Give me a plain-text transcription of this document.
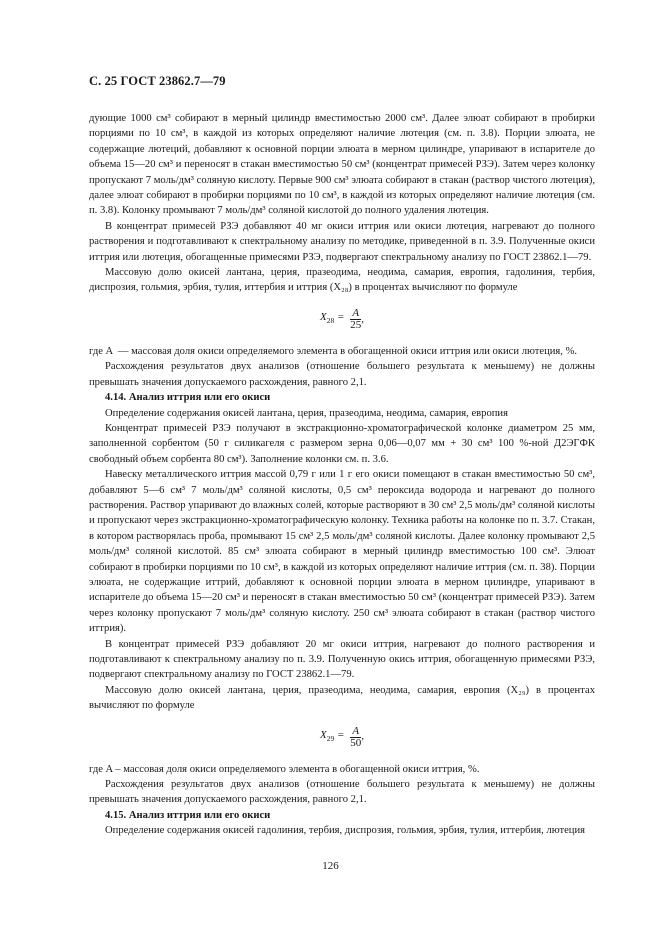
С. 25 ГОСТ 23862.7—79

дующие 1000 см³ собирают в мерный цилиндр вместимостью 2000 см³. Далее элюат собирают в пробирки порциями по 10 см³, в каждой из которых определяют наличие лютеция (см. п. 3.8). Порции элюата, не содержащие лютеций, добавляют к основной порции элюата в мерном цилиндре, упаривают в испарителе до объема 15—20 см³ и переносят в стакан вместимостью 50 см³ (концентрат примесей РЗЭ). Затем через колонку пропускают 7 моль/дм³ соляную кислоту. Первые 900 см³ элюата собирают в стакан (раствор чистого лютеция), далее элюат собирают в пробирки порциями по 10 см³, в каждой из которых определяют наличие лютеция (см. п. 3.8). Колонку промывают 7 моль/дм³ соляной кислотой до полного удаления лютеция.

В концентрат примесей РЗЭ добавляют 40 мг окиси иттрия или окиси лютеция, нагревают до полного растворения и подготавливают к спектральному анализу по методике, приведенной в п. 3.9. Полученные окиси иттрия или лютеция, обогащенные примесями РЗЭ, подвергают спектральному анализу по ГОСТ 23862.1—79.

Массовую долю окисей лантана, церия, празеодима, неодима, самария, европия, гадолиния, тербия, диспрозия, гольмия, эрбия, тулия, иттербия и иттрия (X₂₈) в процентах вычисляют по формуле

$X_{28} = \frac{A}{25}$ ,
где A  — массовая доля окиси определяемого элемента в обогащенной окиси иттрия или окиси лютеция, %.

Расхождения результатов двух анализов (отношение большего результата к меньшему) не должны превышать значения допускаемого расхождения, равного 2,1.

4.14. Анализ иттрия или его окиси

Определение содержания окисей лантана, церия, празеодима, неодима, самария, европия

Концентрат примесей РЗЭ получают в экстракционно-хроматографической колонке диаметром 25 мм, заполненной сорбентом (50 г силикагеля с размером зерна 0,06—0,07 мм + 30 см³ 100 %-ной Д2ЭГФК свободный объем сорбента 80 см³). Заполнение колонки см. п. 3.6.

Навеску металлического иттрия массой 0,79 г или 1 г его окиси помещают в стакан вместимостью 50 см³, добавляют 5—6 см³ 7 моль/дм³ соляной кислоты, 0,5 см³ пероксида водорода и нагревают до полного растворения. Раствор упаривают до влажных солей, которые растворяют в 30 см³ 2,5 моль/дм³ соляной кислоты и пропускают через экстракционно-хроматографическую колонку. Техника работы на колонке по п. 3.7. Стакан, в котором растворялась проба, промывают 15 см³ 2,5 моль/дм³ соляной кислоты. Далее колонку промывают 2,5 моль/дм³ соляной кислотой. 85 см³ элюата собирают в мерный цилиндр вместимостью 100 см³. Элюат собирают в пробирки порциями по 10 см³, в каждой из которых определяют наличие иттрия (см. п. 38). Порции элюата, не содержащие иттрий, добавляют к основной порции элюата в мерном цилиндре, упаривают в испарителе до объема 15—20 см³ и переносят в стакан вместимостью 50 см³ (концентрат примесей РЗЭ). Затем через колонку пропускают 7 моль/дм³ соляную кислоту. 250 см³ элюата собирают в стакан (раствор чистого иттрия).

В концентрат примесей РЗЭ добавляют 20 мг окиси иттрия, нагревают до полного растворения и подготавливают к спектральному анализу по п. 3.9. Полученную окись иттрия, обогащенную примесями РЗЭ, подвергают спектральному анализу по ГОСТ 23862.1—79.

Массовую долю окисей лантана, церия, празеодима, неодима, самария, европия (X₂₉) в процентах вычисляют по формуле

$X_{29} = \frac{A}{50}$ ,

где A – массовая доля окиси определяемого элемента в обогащенной окиси иттрия, %.

Расхождения результатов двух анализов (отношение большего результата к меньшему) не должны превышать значения допускаемого расхождения, равного 2,1.

4.15. Анализ иттрия или его окиси

Определение содержания окисей гадолиния, тербия, диспрозия, гольмия, эрбия, тулия, иттербия, лютеция

126
